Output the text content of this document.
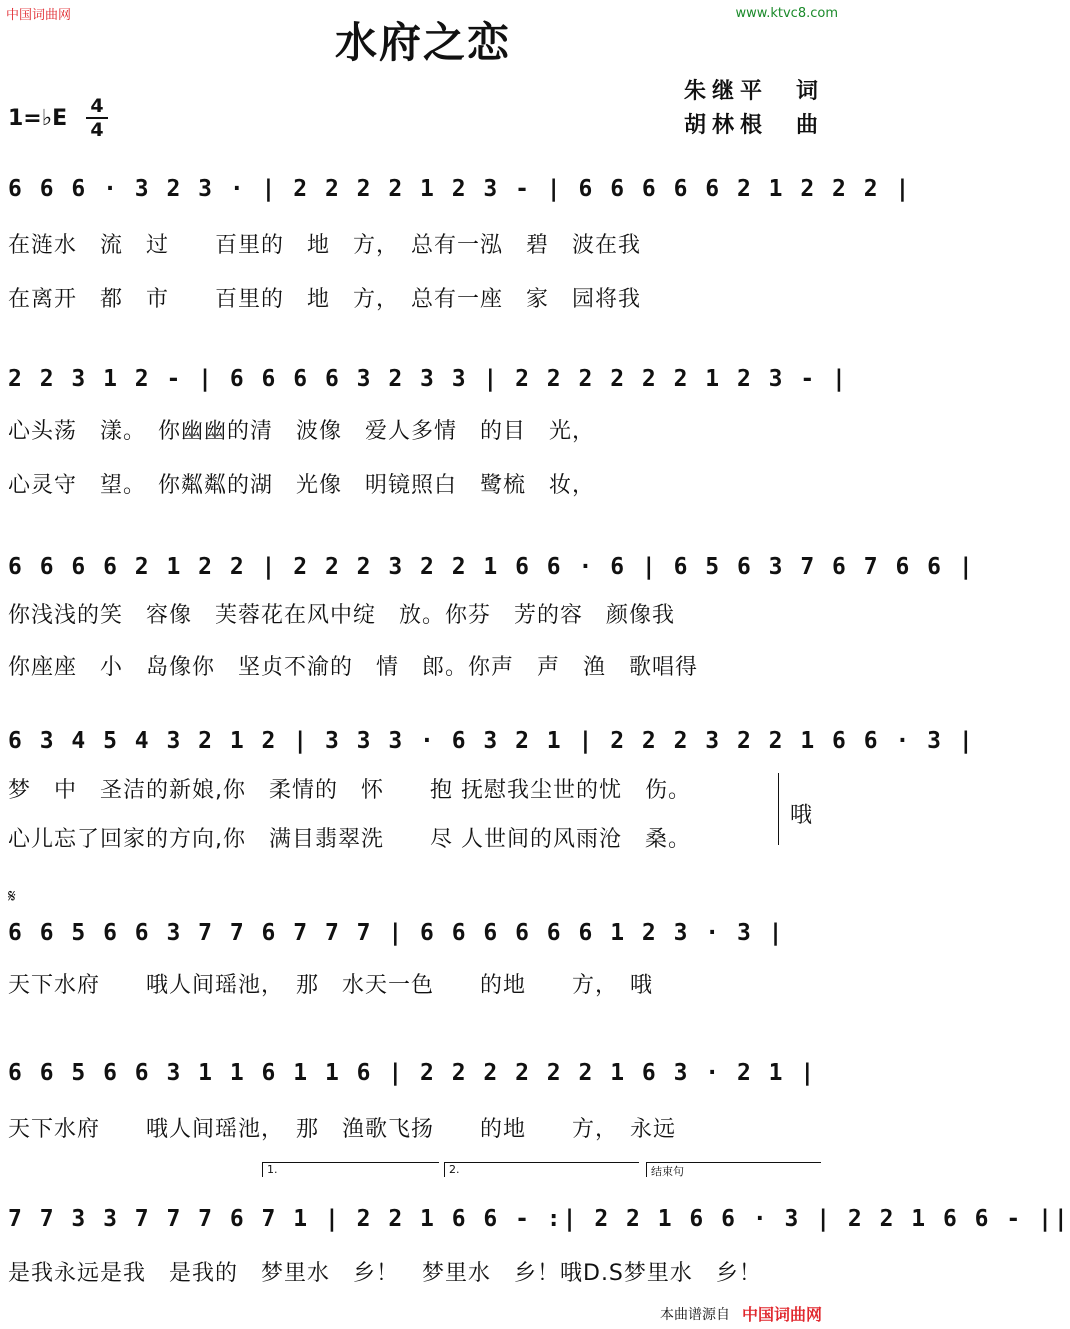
中国词曲网	www.ktvc8.com
水府之恋
朱继平　词
胡林根　曲
1=♭E 4
4
6 6 6 · 3 2 3 · | 2 2 2 2 1 2 3 - | 6 6 6 6 6 2 1 2 2 2 |
在涟水　流　过　　百里的　地　方，　总有一泓　碧　波在我
在离开　都　市　　百里的　地　方，　总有一座　家　园将我
2 2 3 1 2 - | 6 6 6 6 3 2 3 3 | 2 2 2 2 2 2 1 2 3 - |
心头荡　漾。　你幽幽的清　波像　爱人多情　的目　光，
心灵守　望。　你粼粼的湖　光像　明镜照白　鹭梳　妆，
6 6 6 6 2 1 2 2 | 2 2 2 3 2 2 1 6 6 · 6 | 6 5 6 3 7 6 7 6 6 |
你浅浅的笑　容像　芙蓉花在风中绽　放。你芬　芳的容　颜像我
你座座　小　岛像你　坚贞不渝的　情　郎。你声　声　渔　歌唱得
6 3 4 5 4 3 2 1 2 | 3 3 3 · 6 3 2 1 | 2 2 2 3 2 2 1 6 6 · 3 |
梦　中　圣洁的新娘,你　柔情的　怀　　抱 抚慰我尘世的忧　伤。
心儿忘了回家的方向,你　满目翡翠洗　　尽 人世间的风雨沧　桑。
哦
𝄋
6 6 5 6 6 3 7 7 6 7 7 7 | 6 6 6 6 6 6 1 2 3 · 3 |
天下水府　　哦人间瑶池，　那　水天一色　　的地　　方，　哦
6 6 5 6 6 3 1 1 6 1 1 6 | 2 2 2 2 2 2 1 6 3 · 2 1 |
天下水府　　哦人间瑶池，　那　渔歌飞扬　　的地　　方，　永远
1.	2.	结束句
7 7 3 3 7 7 7 6 7 1 | 2 2 1 6 6 - :| 2 2 1 6 6 · 3 | 2 2 1 6 6 - ||
是我永远是我　是我的　梦里水　乡！　梦里水　乡！哦D.S梦里水　乡！
本曲谱源自 中国词曲网
